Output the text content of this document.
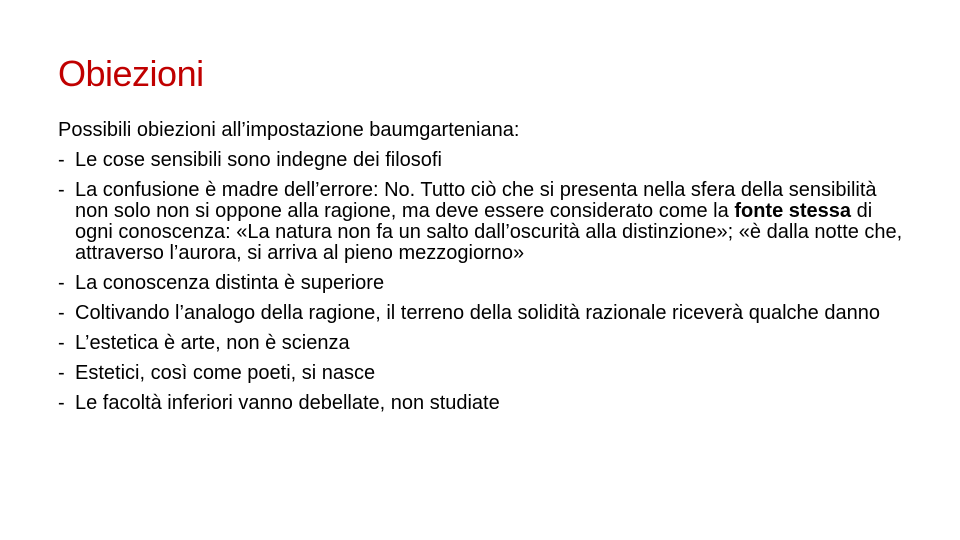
Obiezioni

Possibili obiezioni all’impostazione baumgarteniana:

- Le cose sensibili sono indegne dei filosofi
- La confusione è madre dell’errore: No. Tutto ciò che si presenta nella sfera della sensibilità non solo non si oppone alla ragione, ma deve essere considerato come la fonte stessa di ogni conoscenza: «La natura non fa un salto dall’oscurità alla distinzione»; «è dalla notte che, attraverso l’aurora, si arriva al pieno mezzogiorno»
- La conoscenza distinta è superiore
- Coltivando l’analogo della ragione, il terreno della solidità razionale riceverà qualche danno
- L’estetica è arte, non è scienza
- Estetici, così come poeti, si nasce
- Le facoltà inferiori vanno debellate, non studiate
